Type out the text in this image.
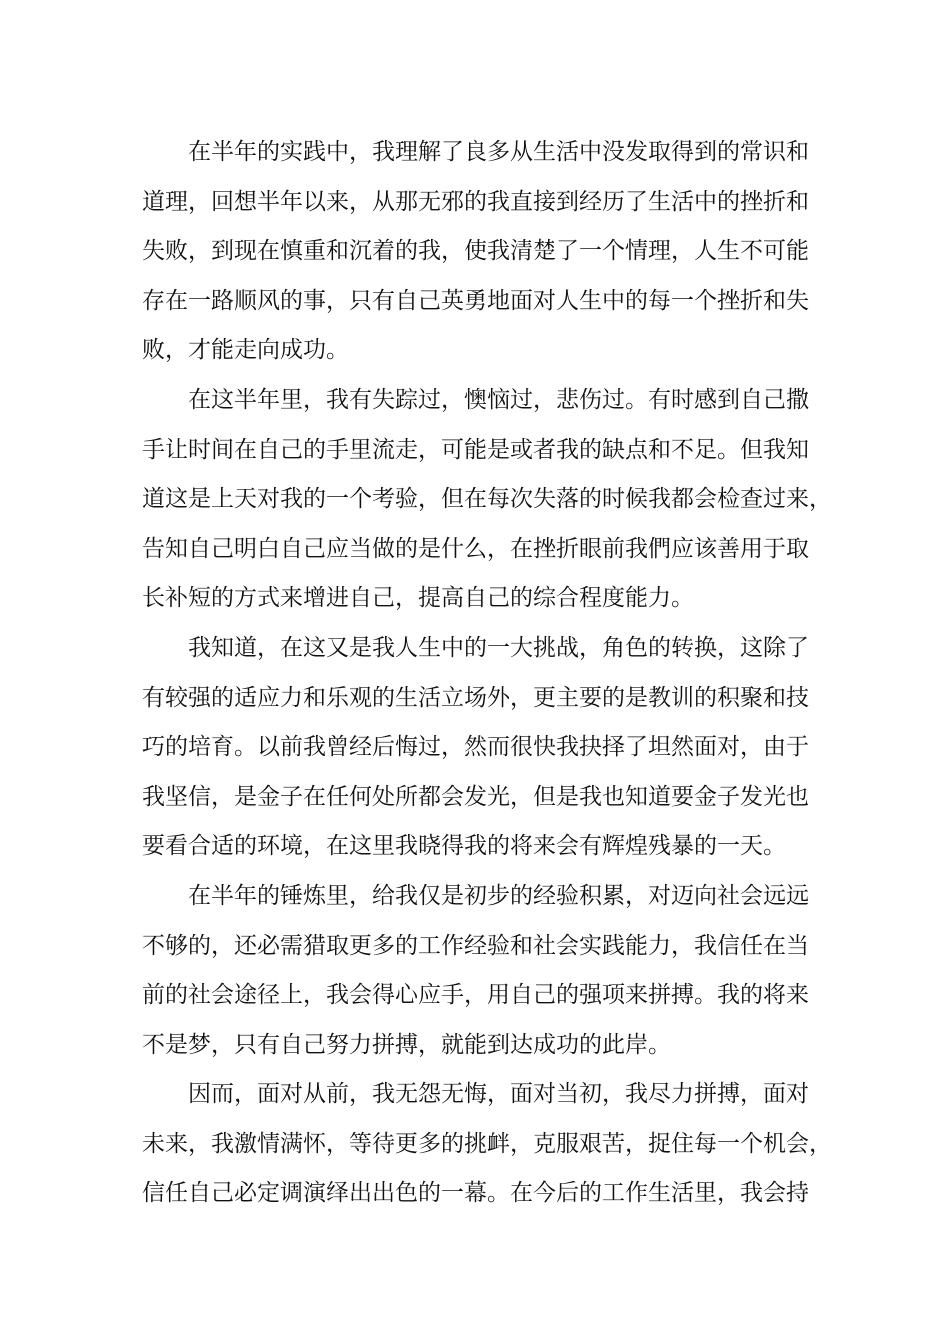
在半年的实践中，我理解了良多从生活中没发取得到的常识和
道理，回想半年以来，从那无邪的我直接到经历了生活中的挫折和
失败，到现在慎重和沉着的我，使我清楚了一个情理，人生不可能
存在一路顺风的事，只有自己英勇地面对人生中的每一个挫折和失
败，才能走向成功。
在这半年里，我有失踪过，懊恼过，悲伤过。有时感到自己撒
手让时间在自己的手里流走，可能是或者我的缺点和不足。但我知
道这是上天对我的一个考验，但在每次失落的时候我都会检查过来，
告知自己明白自己应当做的是什么，在挫折眼前我們应该善用于取
长补短的方式来增进自己，提高自己的综合程度能力。
我知道，在这又是我人生中的一大挑战，角色的转换，这除了
有较强的适应力和乐观的生活立场外，更主要的是教训的积聚和技
巧的培育。以前我曾经后悔过，然而很快我抉择了坦然面对，由于
我坚信，是金子在任何处所都会发光，但是我也知道要金子发光也
要看合适的环境，在这里我晓得我的将来会有辉煌残暴的一天。
在半年的锤炼里，给我仅是初步的经验积累，对迈向社会远远
不够的，还必需猎取更多的工作经验和社会实践能力，我信任在当
前的社会途径上，我会得心应手，用自己的强项来拼搏。我的将来
不是梦，只有自己努力拼搏，就能到达成功的此岸。
因而，面对从前，我无怨无悔，面对当初，我尽力拼搏，面对
未来，我激情满怀，等待更多的挑衅，克服艰苦，捉住每一个机会，
信任自己必定调演绎出出色的一幕。在今后的工作生活里，我会持
